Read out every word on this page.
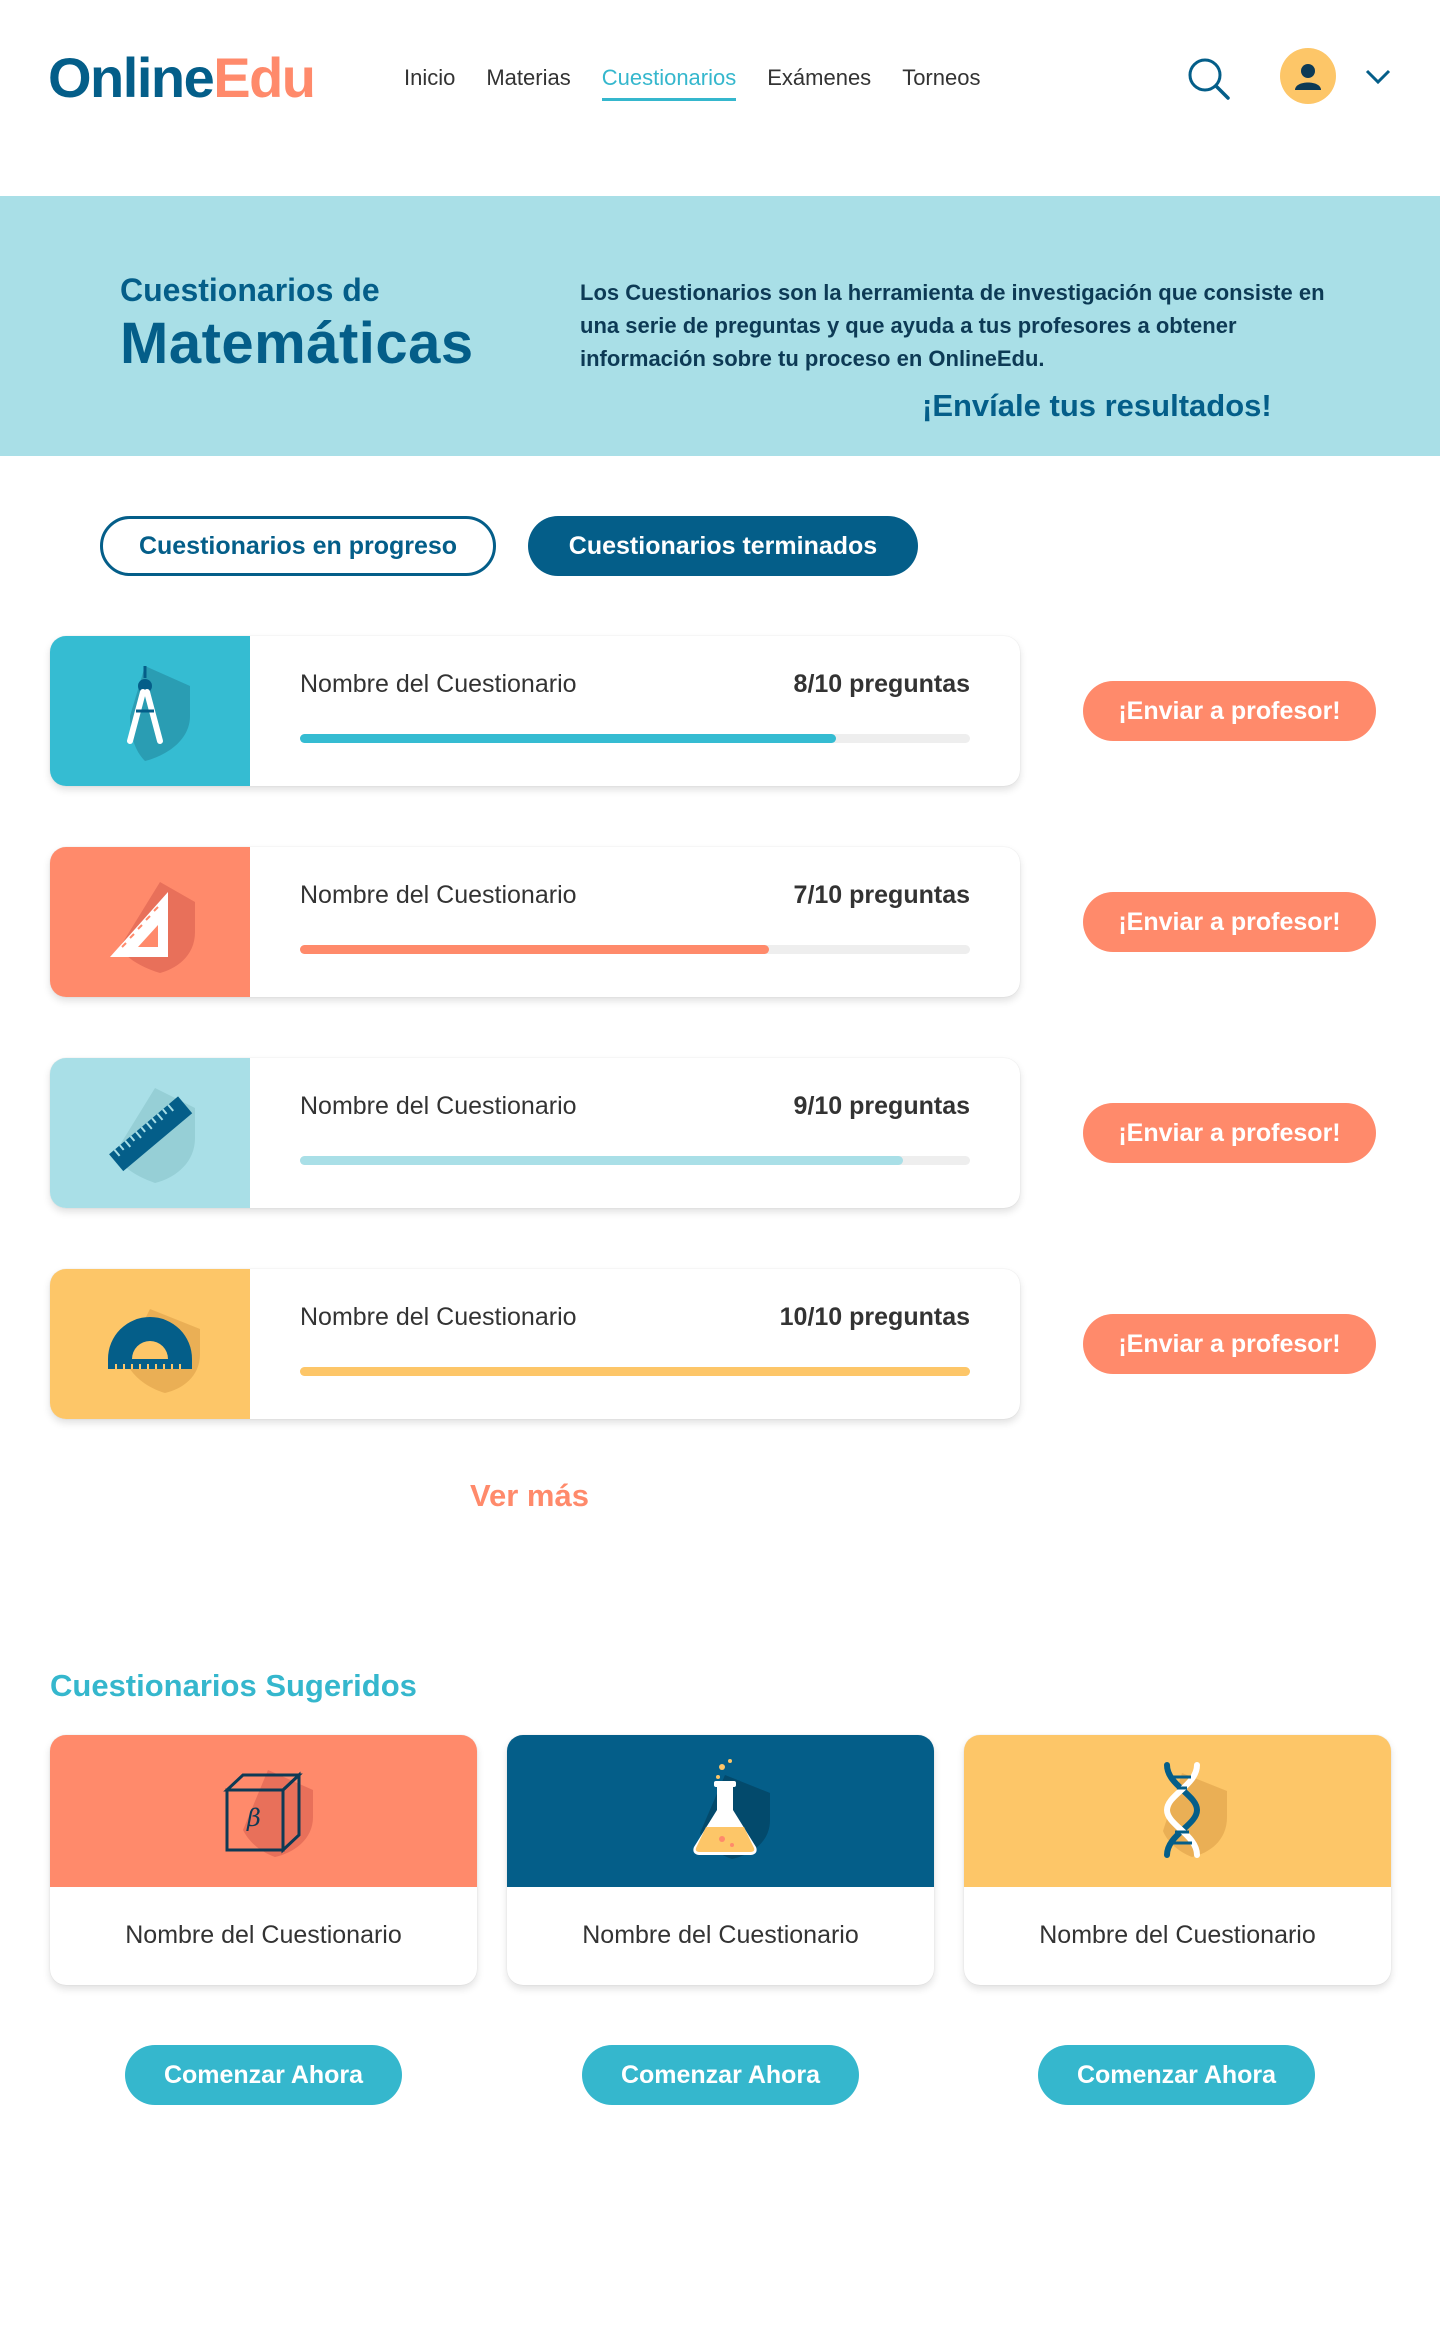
OnlineEdu	Inicio Materias Cuestionarios Exámenes Torneos
Cuestionarios de
Matemáticas
Los Cuestionarios son la herramienta de investigación que consiste en una serie de preguntas y que ayuda a tus profesores a obtener información sobre tu proceso en OnlineEdu.
¡Envíale tus resultados!
Cuestionarios en progreso	Cuestionarios terminados
Nombre del Cuestionario	8/10 preguntas
¡Enviar a profesor!
Nombre del Cuestionario	7/10 preguntas
¡Enviar a profesor!
Nombre del Cuestionario	9/10 preguntas
¡Enviar a profesor!
Nombre del Cuestionario	10/10 preguntas
¡Enviar a profesor!
Ver más
Cuestionarios Sugeridos
β
Nombre del Cuestionario	Nombre del Cuestionario	Nombre del Cuestionario
Comenzar Ahora	Comenzar Ahora	Comenzar Ahora
